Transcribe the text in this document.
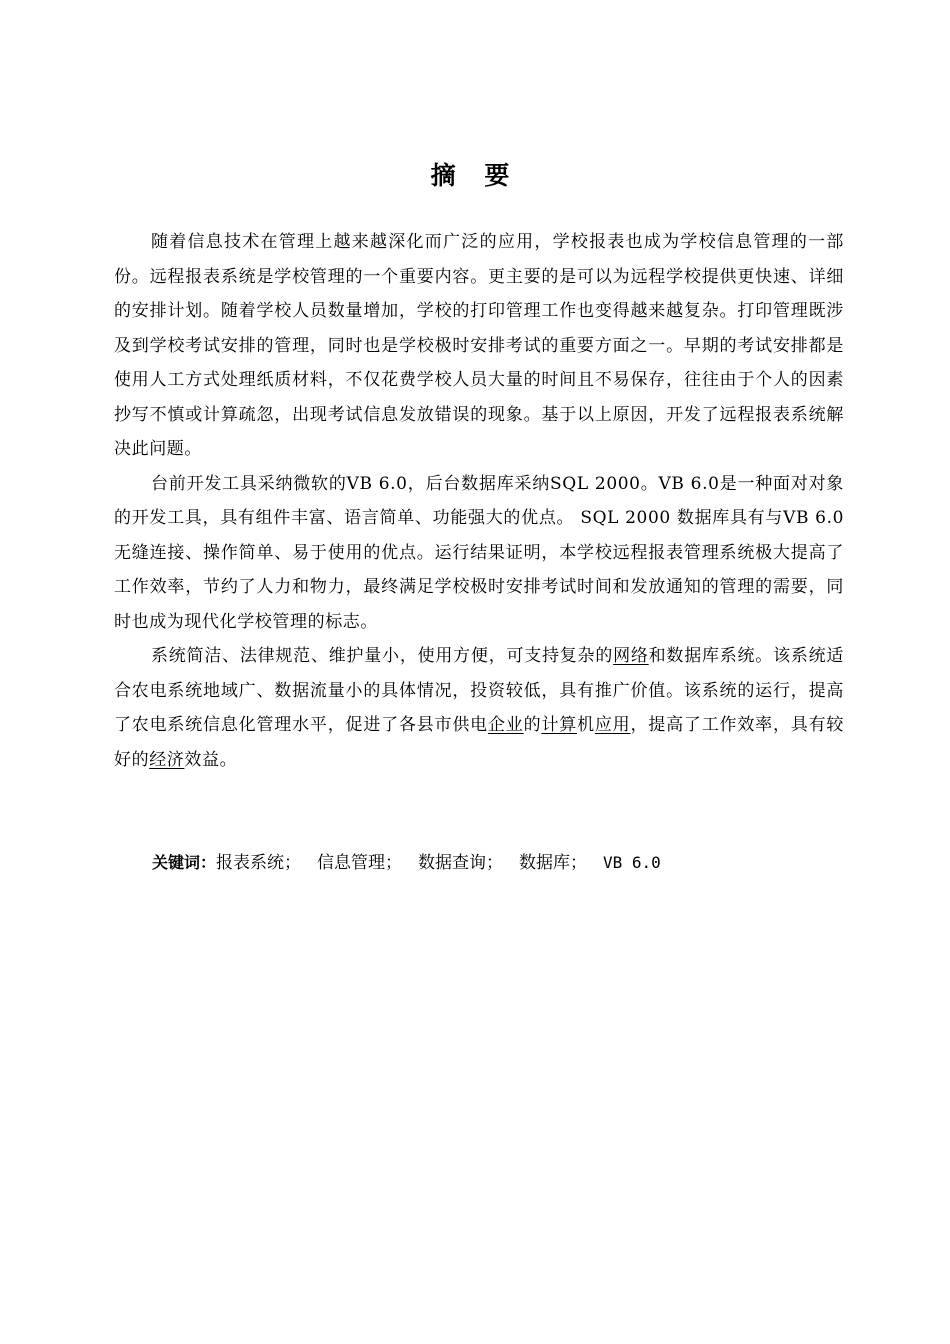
摘 要

随着信息技术在管理上越来越深化而广泛的应用，学校报表也成为学校信息管理的一部份。远程报表系统是学校管理的一个重要内容。更主要的是可以为远程学校提供更快速、详细的安排计划。随着学校人员数量增加，学校的打印管理工作也变得越来越复杂。打印管理既涉及到学校考试安排的管理，同时也是学校极时安排考试的重要方面之一。早期的考试安排都是使用人工方式处理纸质材料，不仅花费学校人员大量的时间且不易保存，往往由于个人的因素抄写不慎或计算疏忽，出现考试信息发放错误的现象。基于以上原因，开发了远程报表系统解决此问题。

台前开发工具采纳微软的VB 6.0，后台数据库采纳SQL 2000。VB 6.0是一种面对对象的开发工具，具有组件丰富、语言简单、功能强大的优点。 SQL 2000 数据库具有与VB 6.0无缝连接、操作简单、易于使用的优点。运行结果证明，本学校远程报表管理系统极大提高了工作效率，节约了人力和物力，最终满足学校极时安排考试时间和发放通知的管理的需要，同时也成为现代化学校管理的标志。

系统简洁、法律规范、维护量小，使用方便，可支持复杂的网络和数据库系统。该系统适合农电系统地域广、数据流量小的具体情况，投资较低，具有推广价值。该系统的运行，提高了农电系统信息化管理水平，促进了各县市供电企业的计算机应用，提高了工作效率，具有较好的经济效益。

关键词：报表系统； 信息管理； 数据查询； 数据库； VB 6.0
